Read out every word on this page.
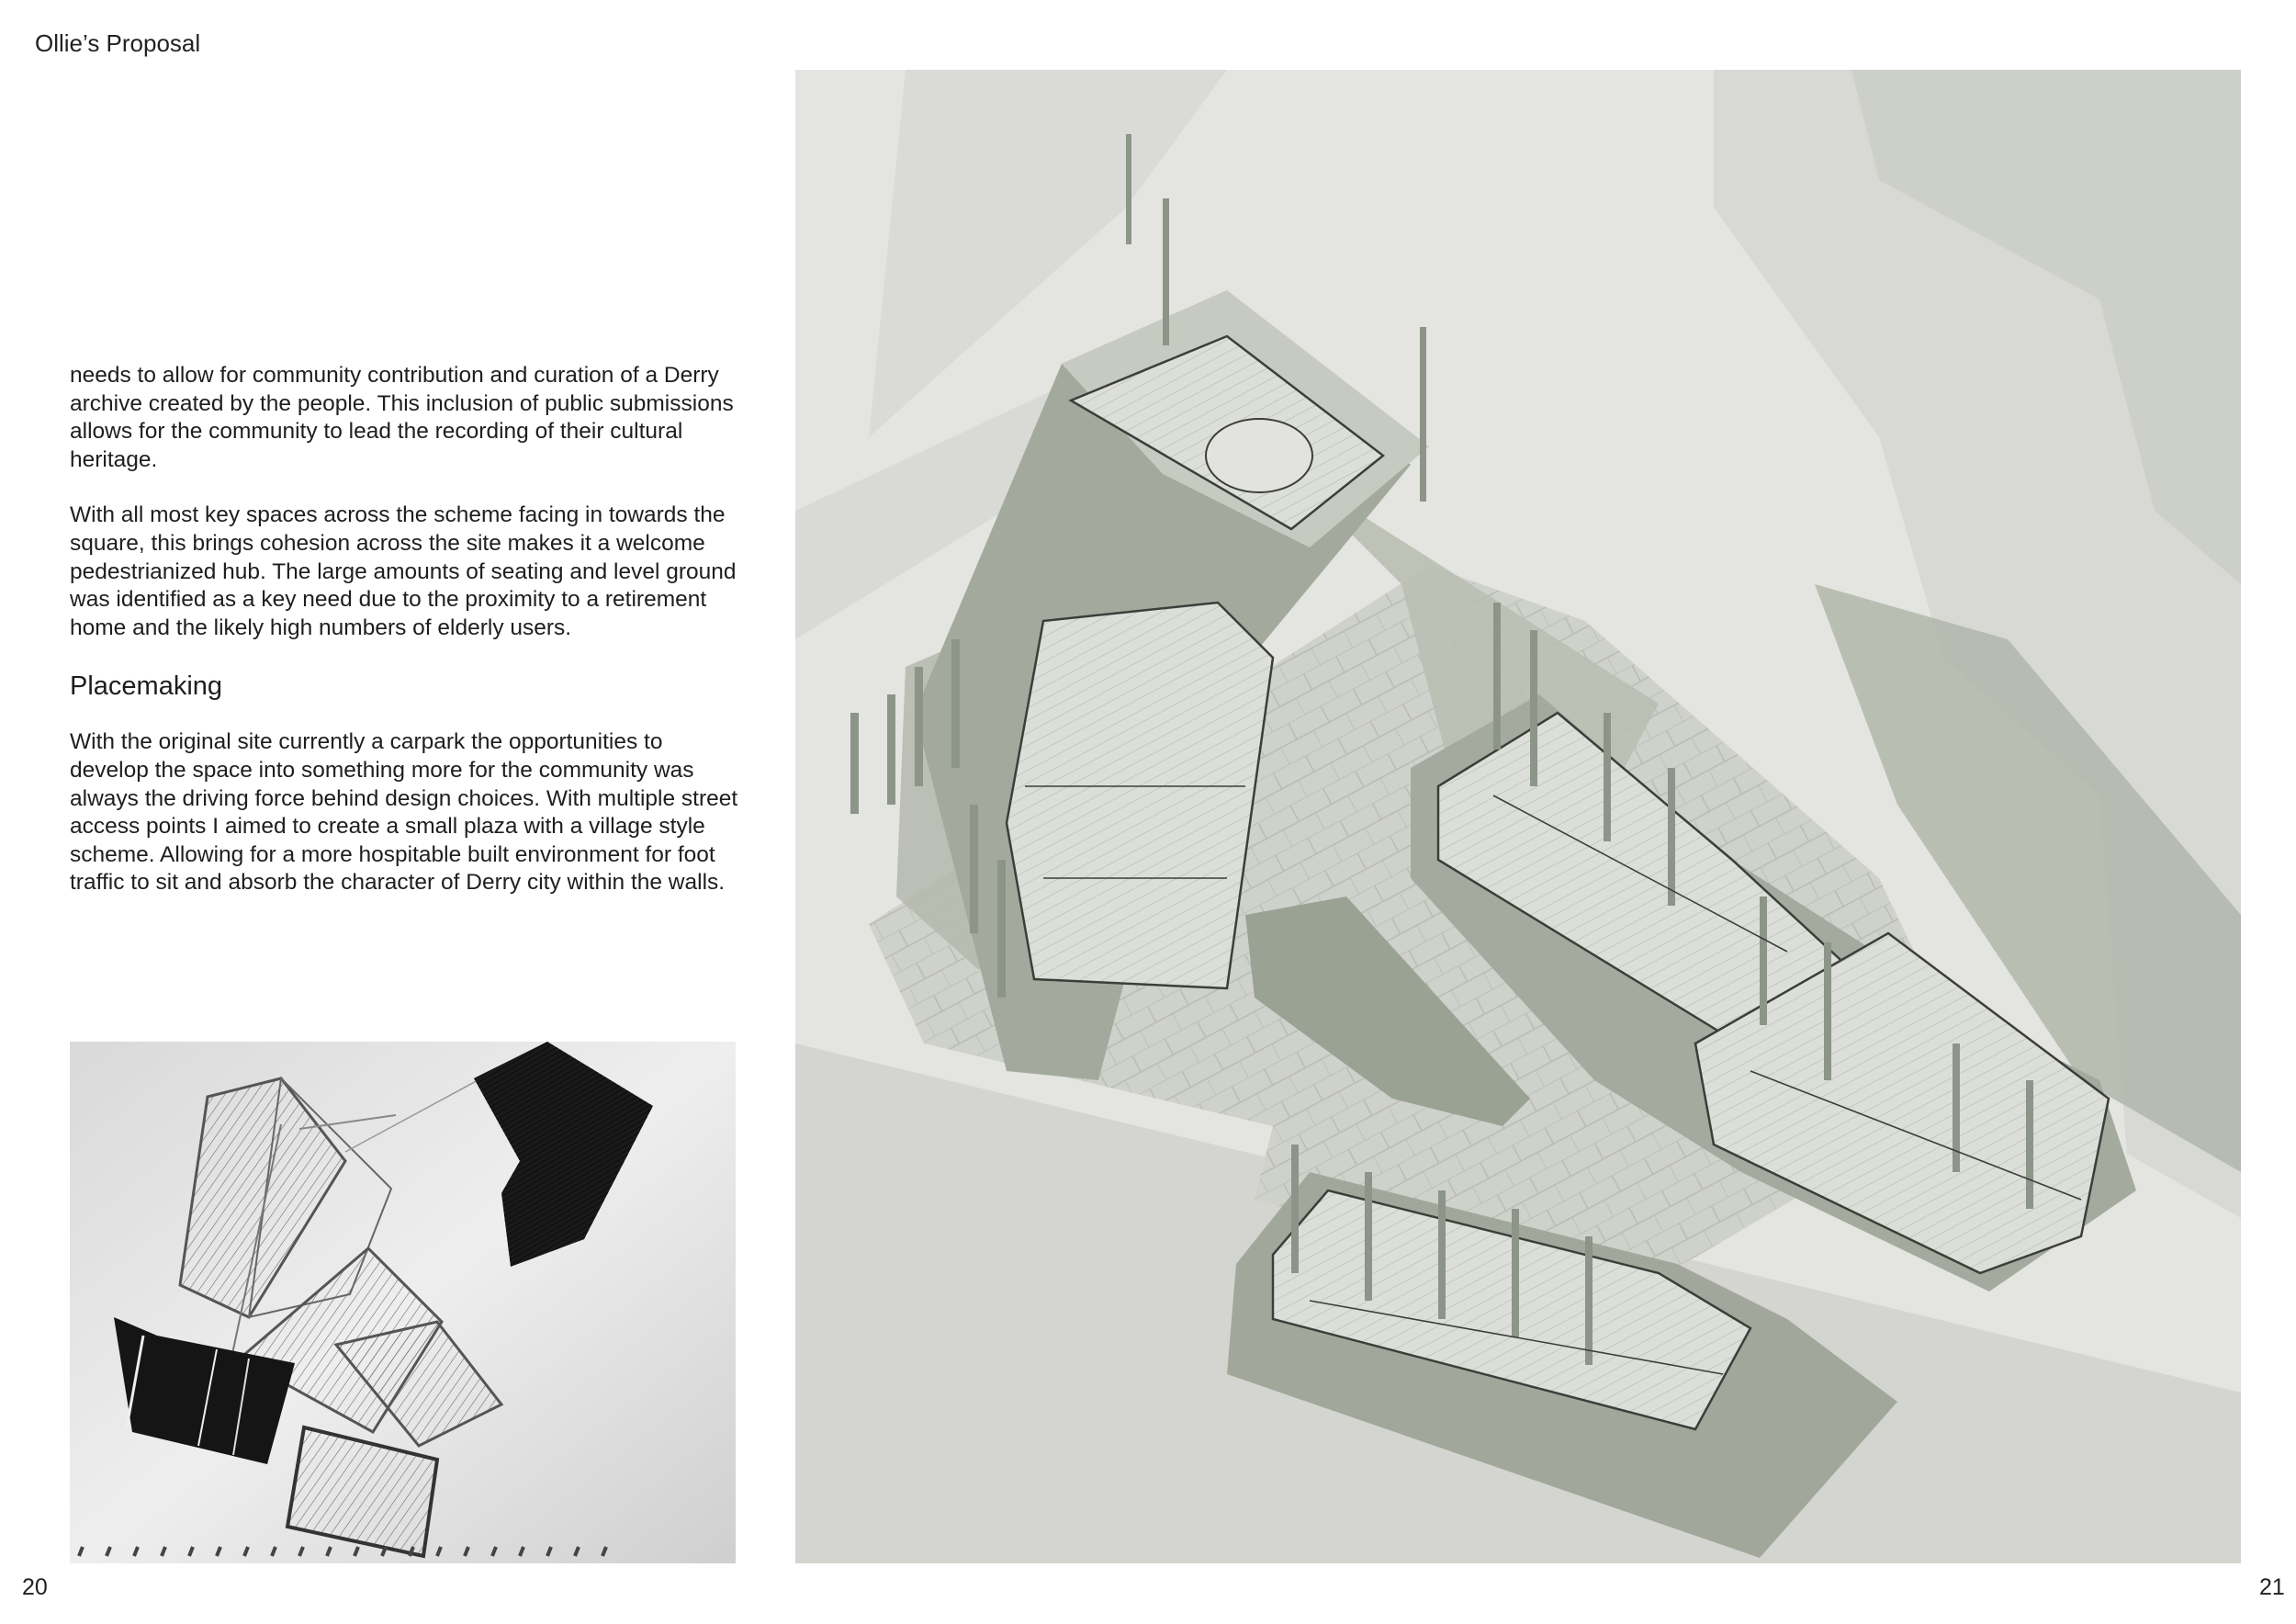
Ollie’s Proposal

needs to allow for community contribution and curation of a Derry archive created by the people. This inclusion of public submissions allows for the community to lead the recording of their cultural heritage.

With all most key spaces across the scheme facing in towards the square, this brings cohesion across the site makes it a welcome pedestrianized hub. The large amounts of seating and level ground was identified as a key need due to the proximity to a retirement home and the likely high numbers of elderly users.

Placemaking

With the original site currently a carpark the opportunities to develop the space into something more for the community was always the driving force behind design choices. With multiple street access points I aimed to create a small plaza with a village style scheme. Allowing for a more hospitable built environment for foot traffic to sit and absorb the character of Derry city within the walls.

20	21
